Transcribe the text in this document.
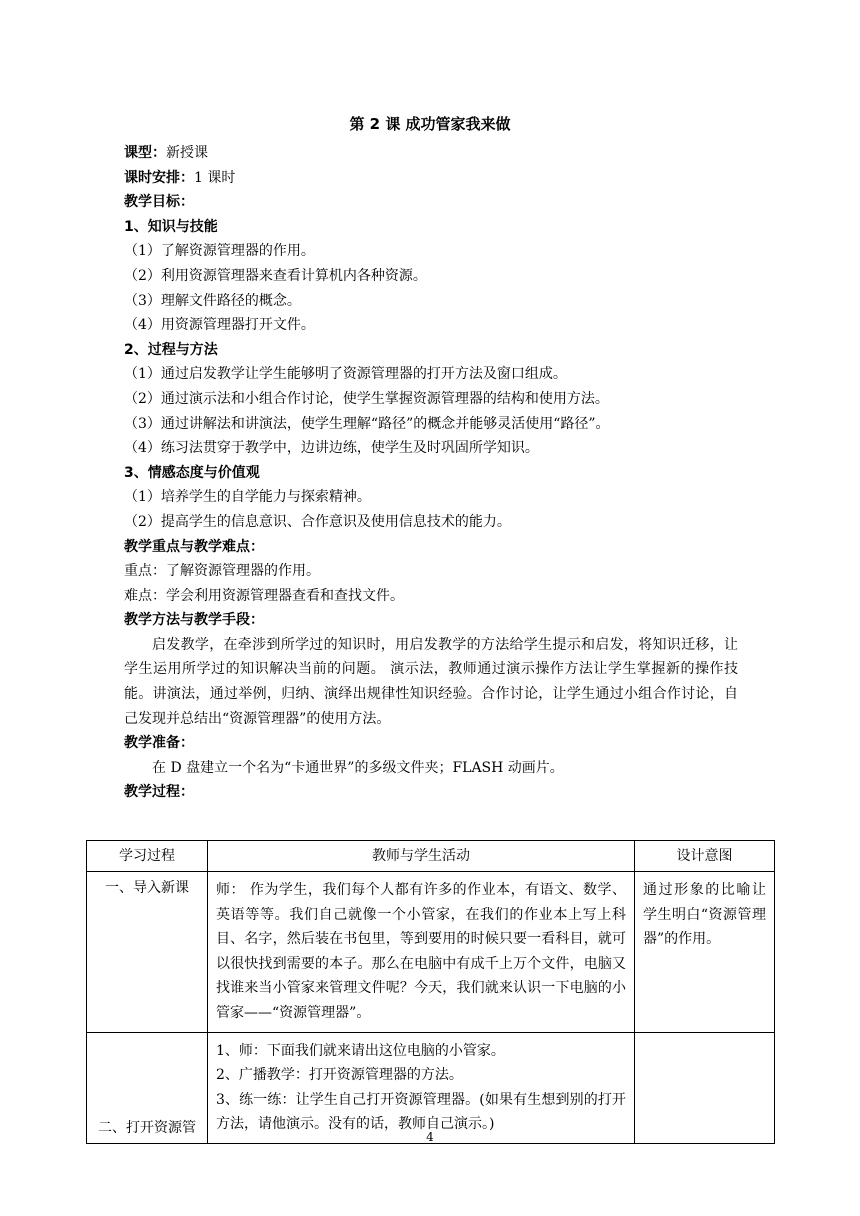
第 2 课 成功管家我来做
课型：新授课
课时安排：1 课时
教学目标：
1、知识与技能
（1）了解资源管理器的作用。
（2）利用资源管理器来查看计算机内各种资源。
（3）理解文件路径的概念。
（4）用资源管理器打开文件。
2、过程与方法
（1）通过启发教学让学生能够明了资源管理器的打开方法及窗口组成。
（2）通过演示法和小组合作讨论，使学生掌握资源管理器的结构和使用方法。
（3）通过讲解法和讲演法，使学生理解“路径”的概念并能够灵活使用“路径”。
（4）练习法贯穿于教学中，边讲边练，使学生及时巩固所学知识。
3、情感态度与价值观
（1）培养学生的自学能力与探索精神。
（2）提高学生的信息意识、合作意识及使用信息技术的能力。
教学重点与教学难点：
重点：了解资源管理器的作用。
难点：学会利用资源管理器查看和查找文件。
教学方法与教学手段：
启发教学，在牵涉到所学过的知识时，用启发教学的方法给学生提示和启发，将知识迁移，让学生运用所学过的知识解决当前的问题。 演示法，教师通过演示操作方法让学生掌握新的操作技能。讲演法，通过举例，归纳、演绎出规律性知识经验。合作讨论，让学生通过小组合作讨论，自己发现并总结出“资源管理器”的使用方法。
教学准备：
在 D 盘建立一个名为“卡通世界”的多级文件夹；FLASH 动画片。
教学过程：
学习过程	教师与学生活动	设计意图
一、导入新课	师： 作为学生，我们每个人都有许多的作业本，有语文、数学、英语等等。我们自己就像一个小管家，在我们的作业本上写上科目、名字，然后装在书包里，等到要用的时候只要一看科目，就可以很快找到需要的本子。那么在电脑中有成千上万个文件，电脑又找谁来当小管家来管理文件呢？今天，我们就来认识一下电脑的小管家——“资源管理器”。	通过形象的比喻让学生明白“资源管理器”的作用。
二、打开资源管	1、师：下面我们就来请出这位电脑的小管家。

2、广播教学：打开资源管理器的方法。

3、练一练：让学生自己打开资源管理器。(如果有生想到别的打开方法，请他演示。没有的话，教师自己演示。)	

4
